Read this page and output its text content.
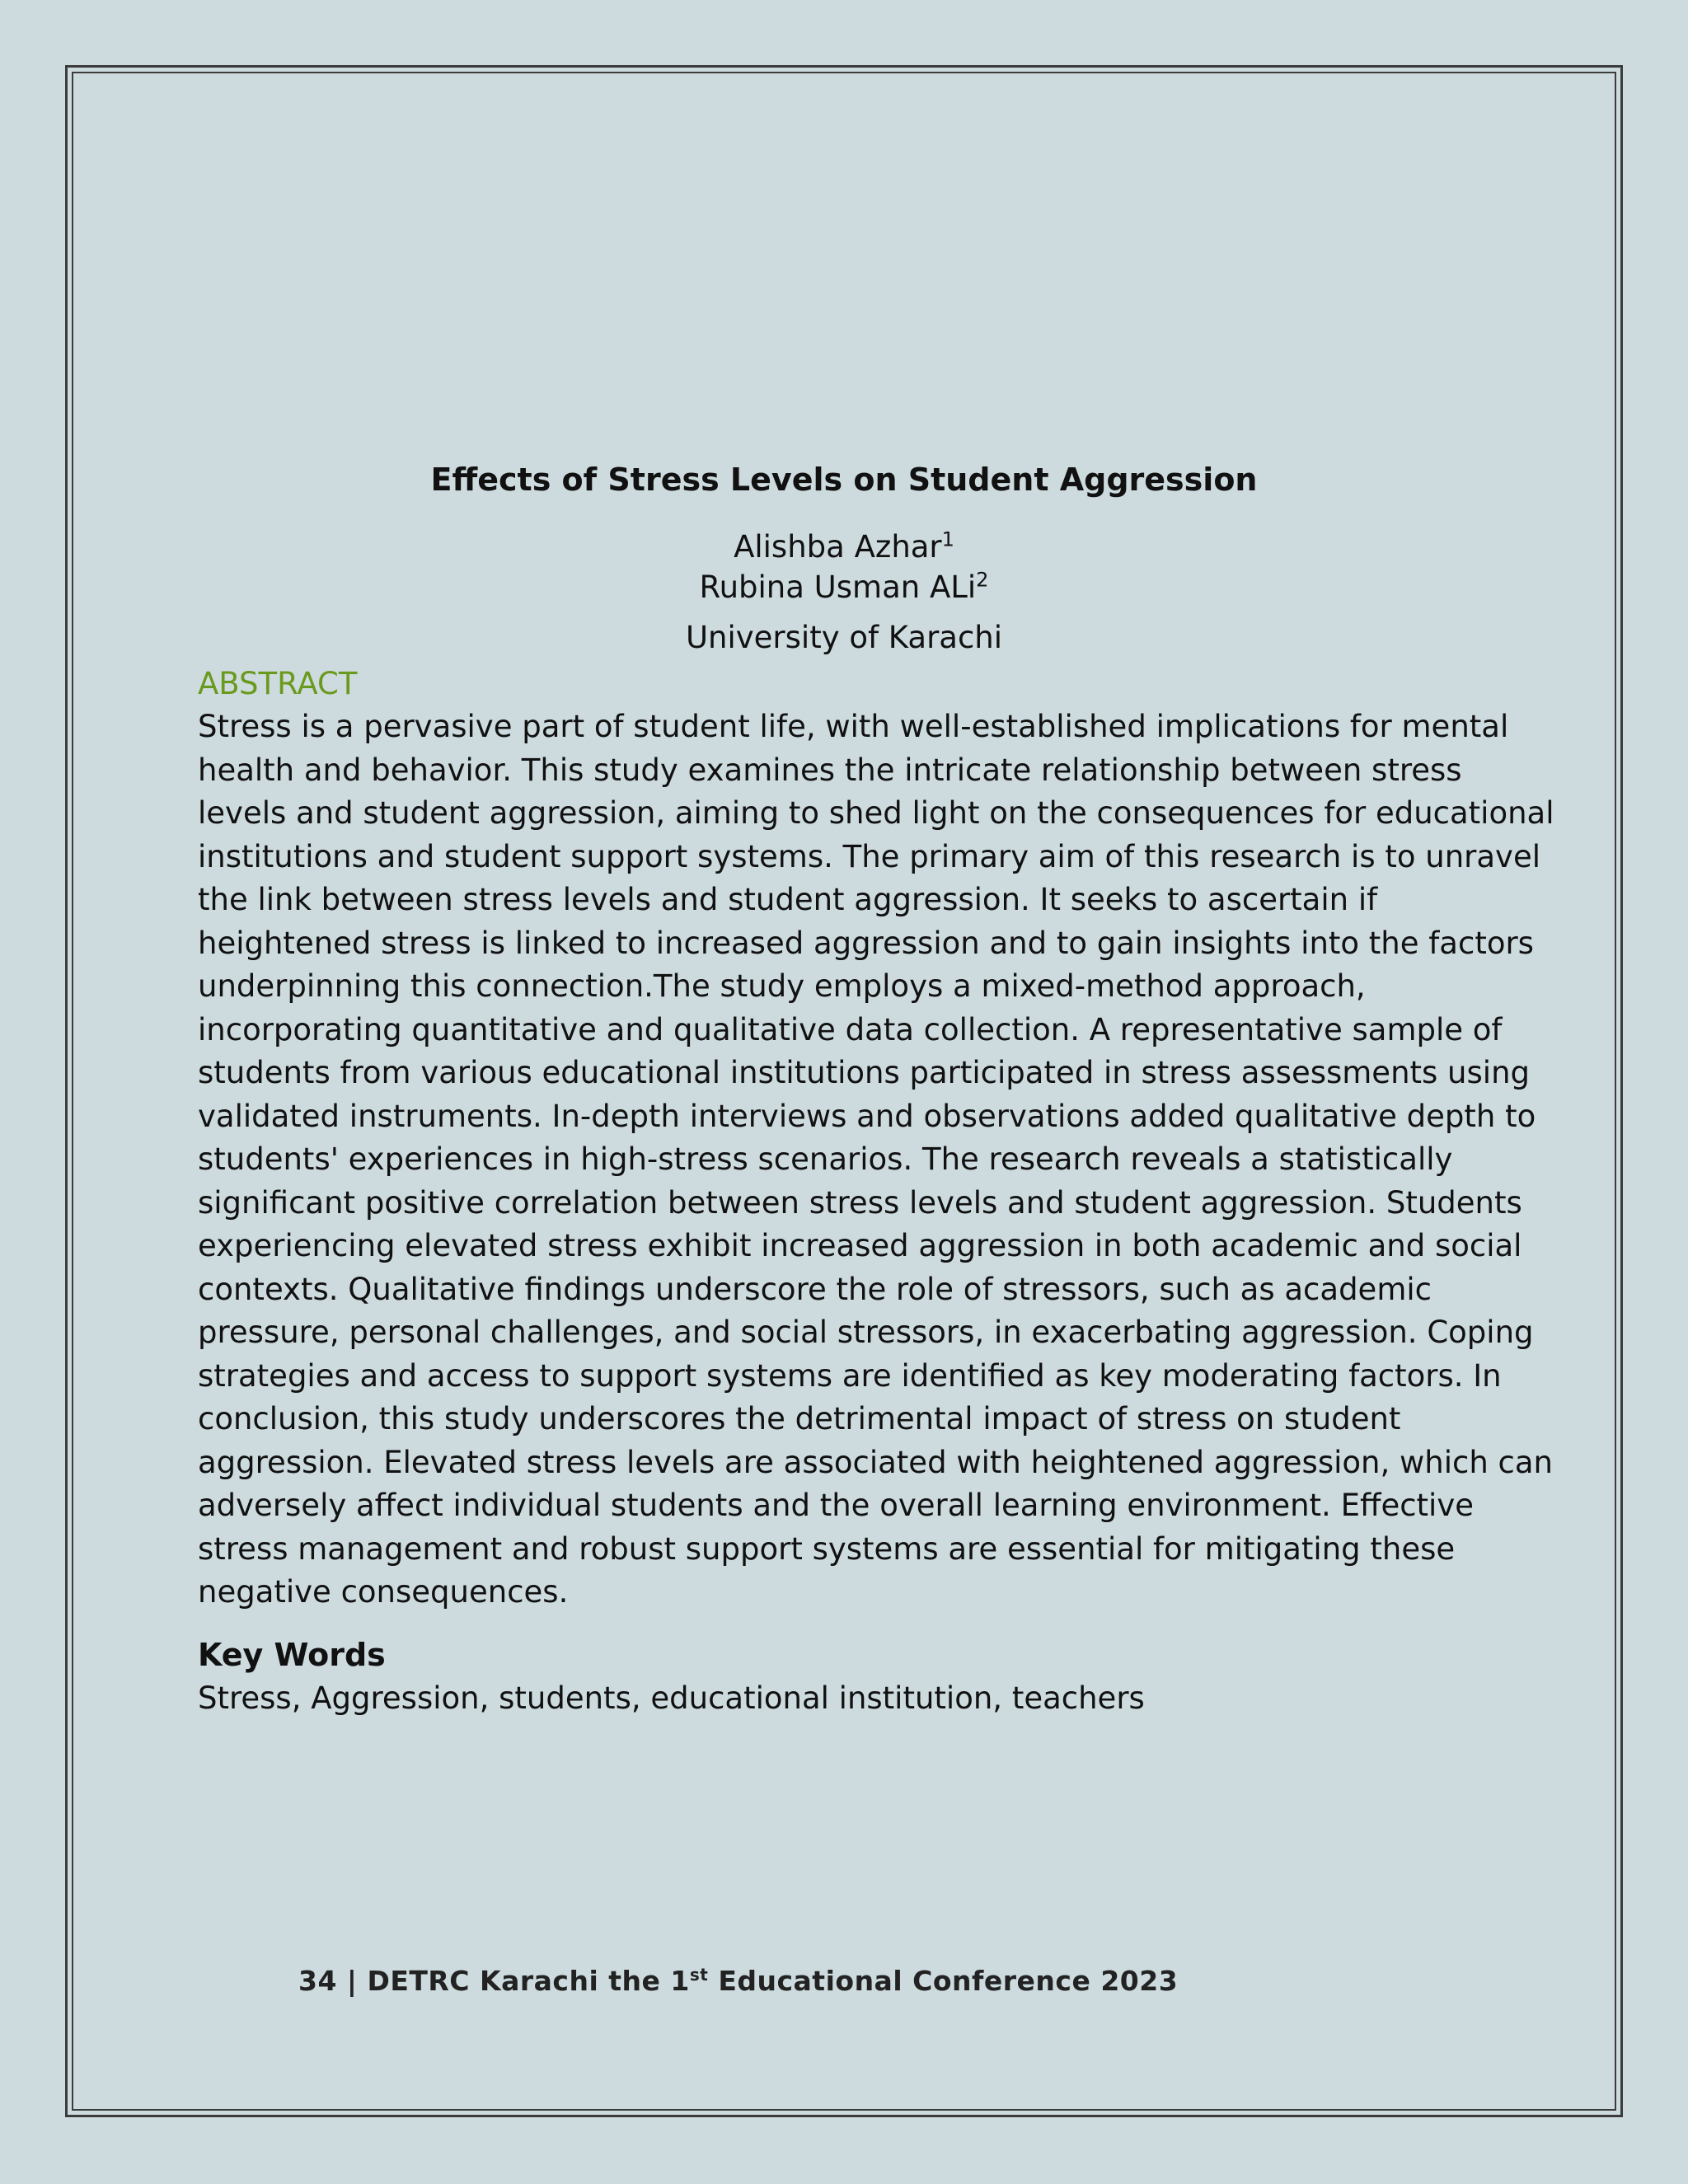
Effects of Stress Levels on Student Aggression
Alishba Azhar$^1$
Rubina Usman ALi$^2$
University of Karachi
ABSTRACT
Stress is a pervasive part of student life, with well-established implications for mental
health and behavior. This study examines the intricate relationship between stress
levels and student aggression, aiming to shed light on the consequences for educational
institutions and student support systems. The primary aim of this research is to unravel
the link between stress levels and student aggression. It seeks to ascertain if
heightened stress is linked to increased aggression and to gain insights into the factors
underpinning this connection.The study employs a mixed-method approach,
incorporating quantitative and qualitative data collection. A representative sample of
students from various educational institutions participated in stress assessments using
validated instruments. In-depth interviews and observations added qualitative depth to
students' experiences in high-stress scenarios. The research reveals a statistically
significant positive correlation between stress levels and student aggression. Students
experiencing elevated stress exhibit increased aggression in both academic and social
contexts. Qualitative findings underscore the role of stressors, such as academic
pressure, personal challenges, and social stressors, in exacerbating aggression. Coping
strategies and access to support systems are identified as key moderating factors. In
conclusion, this study underscores the detrimental impact of stress on student
aggression. Elevated stress levels are associated with heightened aggression, which can
adversely affect individual students and the overall learning environment. Effective
stress management and robust support systems are essential for mitigating these
negative consequences.
Key Words
Stress, Aggression, students, educational institution, teachers
34 | DETRC Karachi the 1st Educational Conference 2023
